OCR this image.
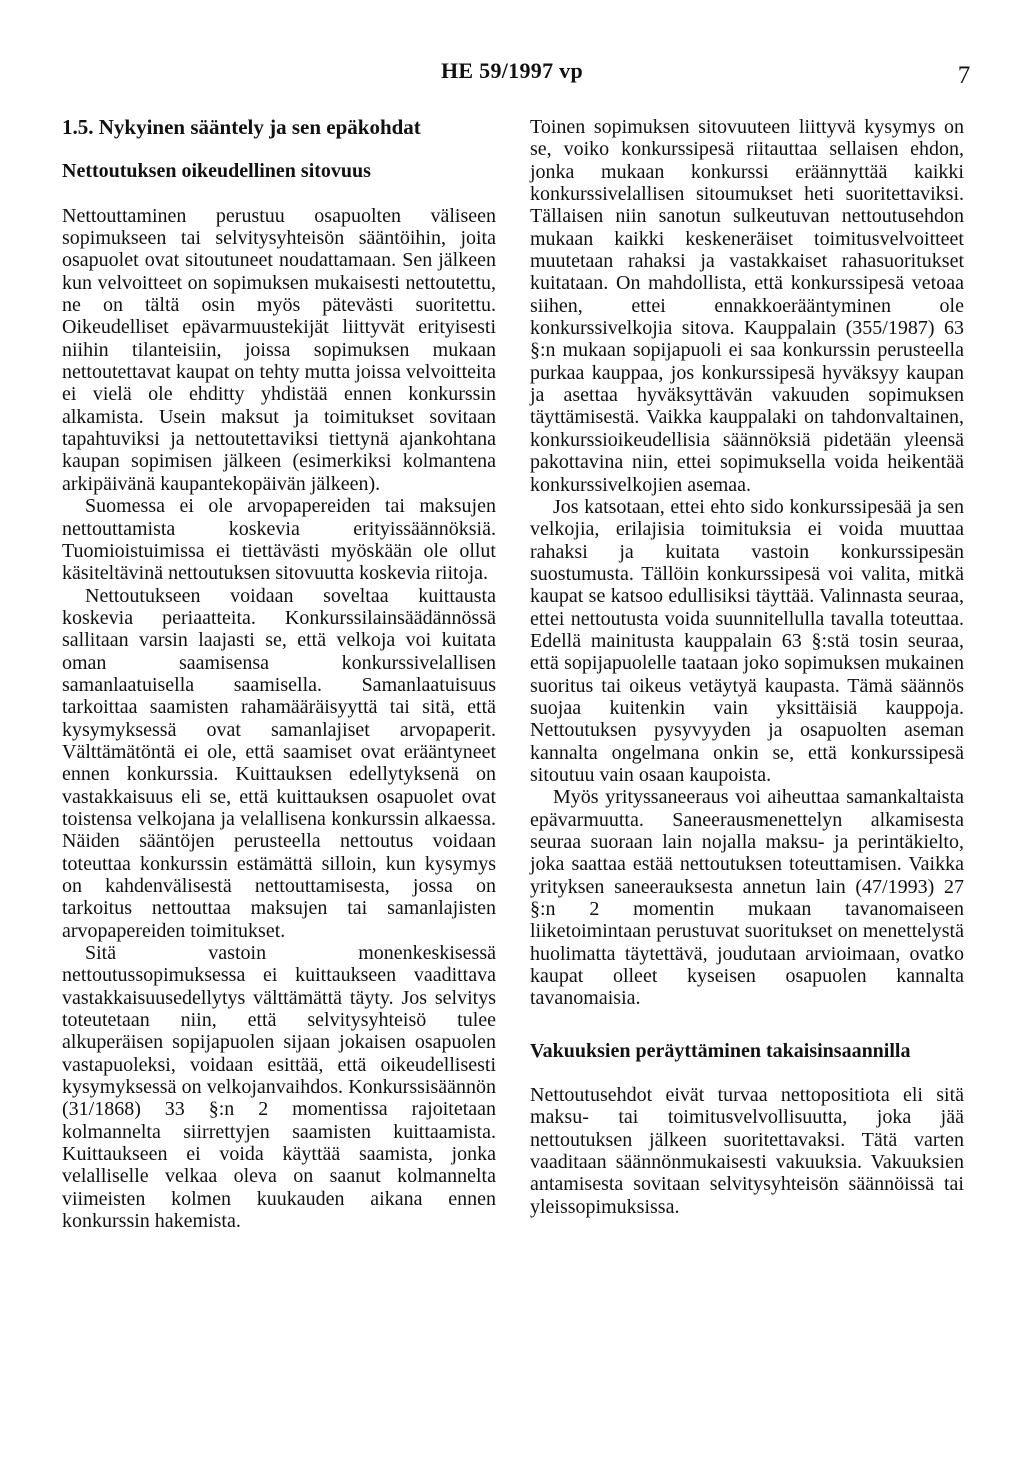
HE 59/1997 vp	7
1.5. Nykyinen sääntely ja sen epäkohdat
Nettoutuksen oikeudellinen sitovuus

Nettouttaminen perustuu osapuolten väliseen sopimukseen tai selvitysyhteisön sääntöihin, joita osapuolet ovat sitoutuneet noudattamaan. Sen jälkeen kun velvoitteet on sopimuksen mukaisesti nettoutettu, ne on tältä osin myös pätevästi suoritettu. Oikeudelliset epävarmuustekijät liittyvät erityisesti niihin tilanteisiin, joissa sopimuksen mukaan nettoutettavat kaupat on tehty mutta joissa velvoitteita ei vielä ole ehditty yhdistää ennen konkurssin alkamista. Usein maksut ja toimitukset sovitaan tapahtuviksi ja nettoutettaviksi tiettynä ajankohtana kaupan sopimisen jälkeen (esimerkiksi kolmantena arkipäivänä kaupantekopäivän jälkeen).

Suomessa ei ole arvopapereiden tai maksujen nettouttamista koskevia erityissäännöksiä. Tuomioistuimissa ei tiettävästi myöskään ole ollut käsiteltävinä nettoutuksen sitovuutta koskevia riitoja.

Nettoutukseen voidaan soveltaa kuittausta koskevia periaatteita. Konkurssilainsäädännössä sallitaan varsin laajasti se, että velkoja voi kuitata oman saamisensa konkurssivelallisen samanlaatuisella saamisella. Samanlaatuisuus tarkoittaa saamisten rahamääräisyyttä tai sitä, että kysymyksessä ovat samanlajiset arvopaperit. Välttämätöntä ei ole, että saamiset ovat erääntyneet ennen konkurssia. Kuittauksen edellytyksenä on vastakkaisuus eli se, että kuittauksen osapuolet ovat toistensa velkojana ja velallisena konkurssin alkaessa. Näiden sääntöjen perusteella nettoutus voidaan toteuttaa konkurssin estämättä silloin, kun kysymys on kahdenvälisestä nettouttamisesta, jossa on tarkoitus nettouttaa maksujen tai samanlajisten arvopapereiden toimitukset.

Sitä vastoin monenkeskisessä nettoutussopimuksessa ei kuittaukseen vaadittava vastakkaisuusedellytys välttämättä täyty. Jos selvitys toteutetaan niin, että selvitysyhteisö tulee alkuperäisen sopijapuolen sijaan jokaisen osapuolen vastapuoleksi, voidaan esittää, että oikeudellisesti kysymyksessä on velkojanvaihdos. Konkurssisäännön (31/1868) 33 §:n 2 momentissa rajoitetaan kolmannelta siirrettyjen saamisten kuittaamista. Kuittaukseen ei voida käyttää saamista, jonka velalliselle velkaa oleva on saanut kolmannelta viimeisten kolmen kuukauden aikana ennen konkurssin hakemista.

Toinen sopimuksen sitovuuteen liittyvä kysymys on se, voiko konkurssipesä riitauttaa sellaisen ehdon, jonka mukaan konkurssi eräännyttää kaikki konkurssivelallisen sitoumukset heti suoritettaviksi. Tällaisen niin sanotun sulkeutuvan nettoutusehdon mukaan kaikki keskeneräiset toimitusvelvoitteet muutetaan rahaksi ja vastakkaiset rahasuoritukset kuitataan. On mahdollista, että konkurssipesä vetoaa siihen, ettei ennakkoerääntyminen ole konkurssivelkojia sitova. Kauppalain (355/1987) 63 §:n mukaan sopijapuoli ei saa konkurssin perusteella purkaa kauppaa, jos konkurssipesä hyväksyy kaupan ja asettaa hyväksyttävän vakuuden sopimuksen täyttämisestä. Vaikka kauppalaki on tahdonvaltainen, konkurssioikeudellisia säännöksiä pidetään yleensä pakottavina niin, ettei sopimuksella voida heikentää konkurssivelkojien asemaa.

Jos katsotaan, ettei ehto sido konkurssipesää ja sen velkojia, erilajisia toimituksia ei voida muuttaa rahaksi ja kuitata vastoin konkurssipesän suostumusta. Tällöin konkurssipesä voi valita, mitkä kaupat se katsoo edullisiksi täyttää. Valinnasta seuraa, ettei nettoutusta voida suunnitellulla tavalla toteuttaa. Edellä mainitusta kauppalain 63 §:stä tosin seuraa, että sopijapuolelle taataan joko sopimuksen mukainen suoritus tai oikeus vetäytyä kaupasta. Tämä säännös suojaa kuitenkin vain yksittäisiä kauppoja. Nettoutuksen pysyvyyden ja osapuolten aseman kannalta ongelmana onkin se, että konkurssipesä sitoutuu vain osaan kaupoista.

Myös yrityssaneeraus voi aiheuttaa samankaltaista epävarmuutta. Saneerausmenettelyn alkamisesta seuraa suoraan lain nojalla maksu- ja perintäkielto, joka saattaa estää nettoutuksen toteuttamisen. Vaikka yrityksen saneerauksesta annetun lain (47/1993) 27 §:n 2 momentin mukaan tavanomaiseen liiketoimintaan perustuvat suoritukset on menettelystä huolimatta täytettävä, joudutaan arvioimaan, ovatko kaupat olleet kyseisen osapuolen kannalta tavanomaisia.

Vakuuksien peräyttäminen takaisinsaannilla

Nettoutusehdot eivät turvaa nettopositiota eli sitä maksu- tai toimitusvelvollisuutta, joka jää nettoutuksen jälkeen suoritettavaksi. Tätä varten vaaditaan säännönmukaisesti vakuuksia. Vakuuksien antamisesta sovitaan selvitysyhteisön säännöissä tai yleissopimuksissa.
